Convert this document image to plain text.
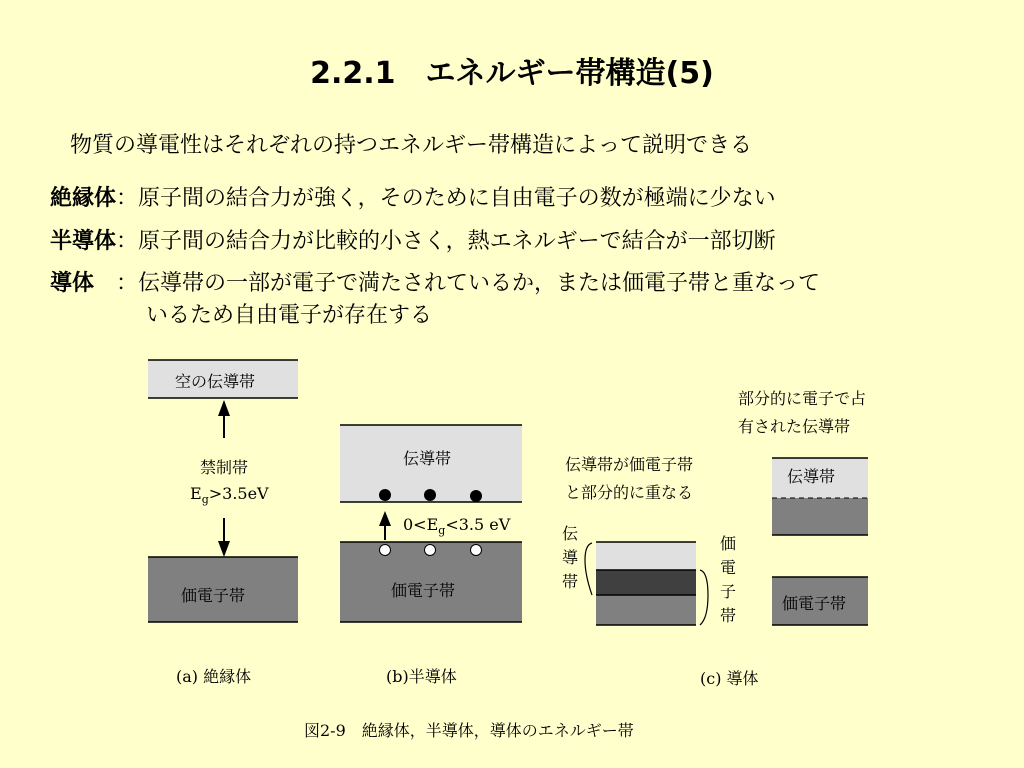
2.2.1　エネルギー帯構造(5)
物質の導電性はそれぞれの持つエネルギー帯構造によって説明できる
絶縁体：原子間の結合力が強く，そのために自由電子の数が極端に少ない
半導体：原子間の結合力が比較的小さく，熱エネルギーで結合が一部切断
導体　：伝導帯の一部が電子で満たされているか，または価電子帯と重なって
いるため自由電子が存在する
空の伝導帯
禁制帯
$E_g>3.5eV$
価電子帯
(a) 絶縁体
伝導帯
$0<E_g<3.5$ eV
価電子帯
(b)半導体
伝導帯が価電子帯
と部分的に重なる
伝導帯
価電子帯
部分的に電子で占
有された伝導帯
伝導帯
価電子帯
(c) 導体
図2-9　絶縁体，半導体，導体のエネルギー帯
